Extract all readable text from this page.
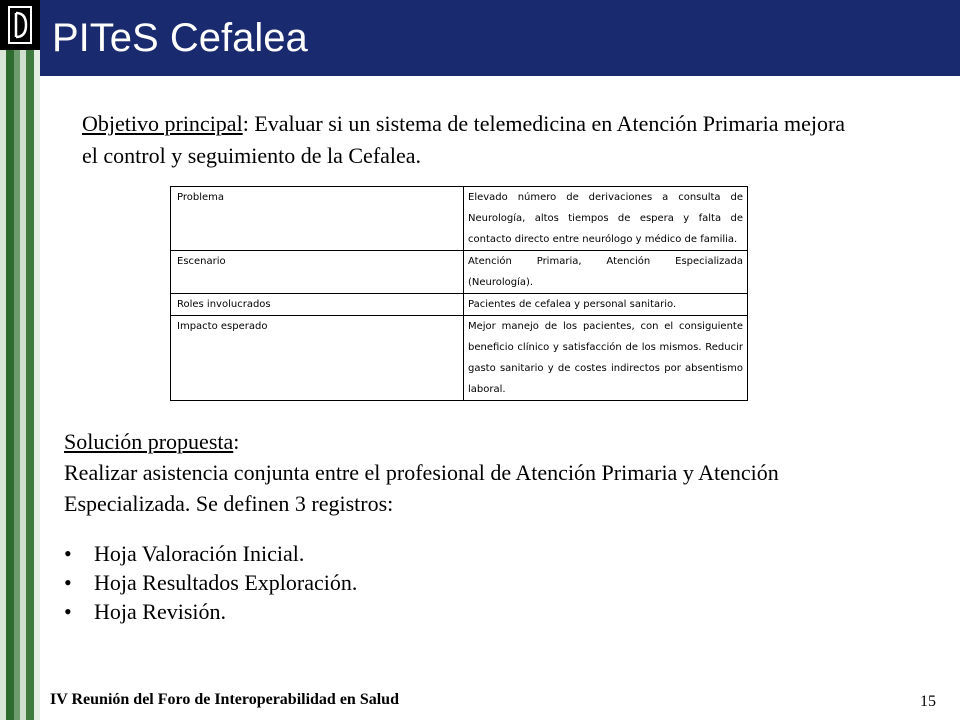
PITeS Cefalea
Objetivo principal: Evaluar si un sistema de telemedicina en Atención Primaria mejora el control y seguimiento de la Cefalea.
Problema	Elevado número de derivaciones a consulta de Neurología, altos tiempos de espera y falta de contacto directo entre neurólogo y médico de familia.
Escenario	Atención Primaria, Atención Especializada (Neurología).
Roles involucrados	Pacientes de cefalea y personal sanitario.
Impacto esperado	Mejor manejo de los pacientes, con el consiguiente beneficio clínico y satisfacción de los mismos. Reducir gasto sanitario y de costes indirectos por absentismo laboral.
Solución propuesta:
Realizar asistencia conjunta entre el profesional de Atención Primaria y Atención Especializada. Se definen 3 registros:
• Hoja Valoración Inicial.
• Hoja Resultados Exploración.
• Hoja Revisión.
IV Reunión del Foro de Interoperabilidad en Salud	15
